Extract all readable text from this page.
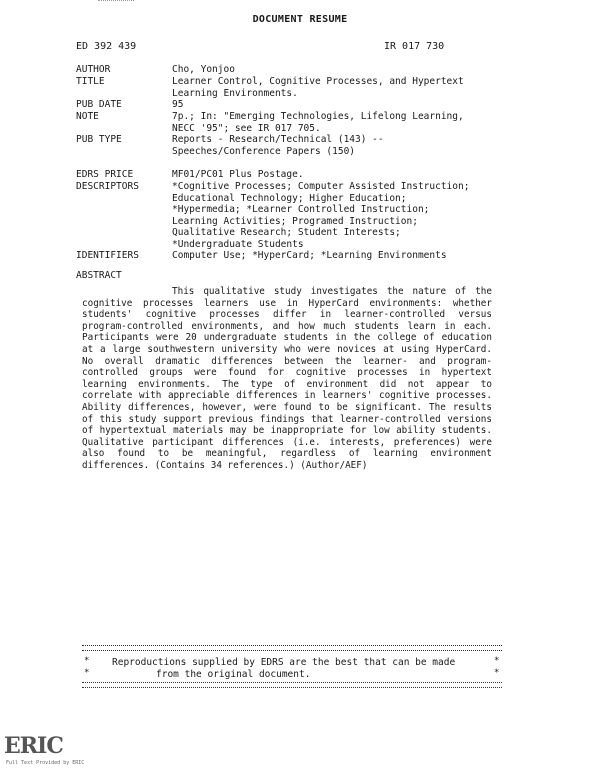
DOCUMENT RESUME
ED 392 439	IR 017 730
AUTHOR	Cho, Yonjoo
TITLE	Learner Control, Cognitive Processes, and Hypertext
Learning Environments.
PUB DATE	95
NOTE	7p.; In: "Emerging Technologies, Lifelong Learning,
NECC '95"; see IR 017 705.
PUB TYPE	Reports - Research/Technical (143) --
Speeches/Conference Papers (150)
EDRS PRICE	MF01/PC01 Plus Postage.
DESCRIPTORS	*Cognitive Processes; Computer Assisted Instruction;
Educational Technology; Higher Education;
*Hypermedia; *Learner Controlled Instruction;
Learning Activities; Programed Instruction;
Qualitative Research; Student Interests;
*Undergraduate Students
IDENTIFIERS	Computer Use; *HyperCard; *Learning Environments
ABSTRACT
This qualitative study investigates the nature of the cognitive processes learners use in HyperCard environments: whether students' cognitive processes differ in learner-controlled versus program-controlled environments, and how much students learn in each. Participants were 20 undergraduate students in the college of education at a large southwestern university who were novices at using HyperCard. No overall dramatic differences between the learner- and program-controlled groups were found for cognitive processes in hypertext learning environments. The type of environment did not appear to correlate with appreciable differences in learners' cognitive processes. Ability differences, however, were found to be significant. The results of this study support previous findings that learner-controlled versions of hypertextual materials may be inappropriate for low ability students. Qualitative participant differences (i.e. interests, preferences) were also found to be meaningful, regardless of learning environment differences. (Contains 34 references.) (Author/AEF)
*	*
*	*
Reproductions supplied by EDRS are the best that can be made
from the original document.
ERIC
Full Text Provided by ERIC
